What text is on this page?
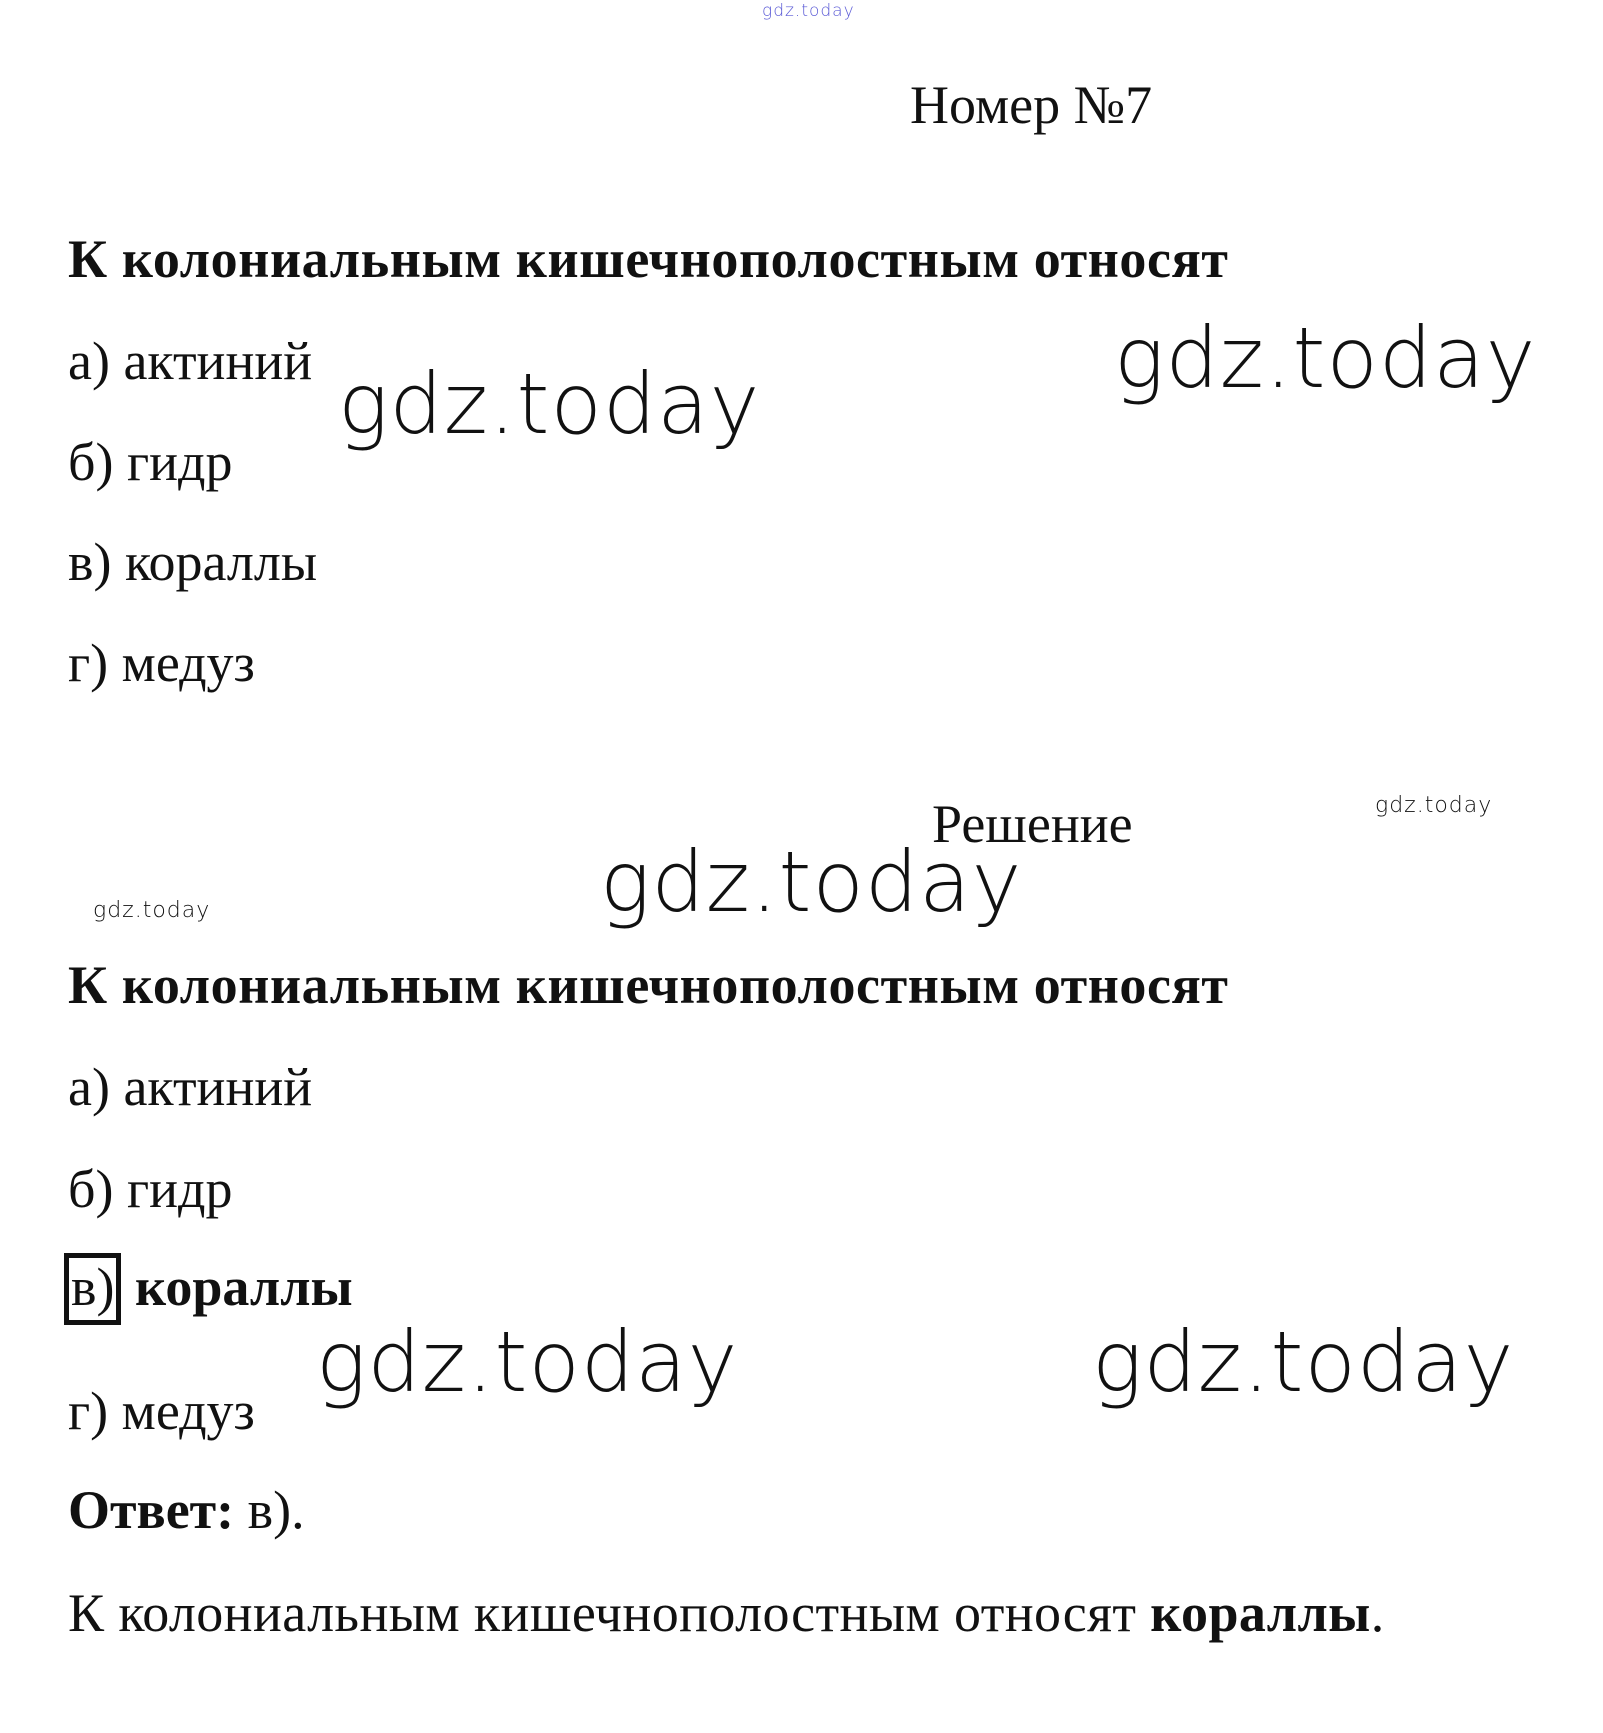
gdz.today
Номер №7
К колониальным кишечнополостным относят
а) актиний
б) гидр
в) кораллы
г) медуз
Решение
К колониальным кишечнополостным относят
а) актиний
б) гидр
в) кораллы
г) медуз
Ответ: в).
К колониальным кишечнополостным относят кораллы.
gdz.today
gdz.today
gdz.today
gdz.today
gdz.today
gdz.today	gdz.today
